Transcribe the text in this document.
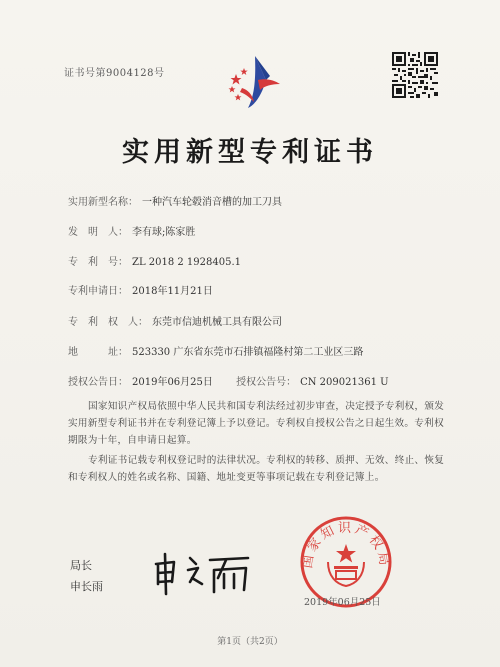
证书号第9004128号
实用新型专利证书
实用新型名称： 一种汽车轮毂消音槽的加工刀具
发　明　人： 李有球;陈家胜
专　利　号： ZL 2018 2 1928405.1
专利申请日： 2018年11月21日
专　利　权　人： 东莞市信迪机械工具有限公司
地　　　址： 523330 广东省东莞市石排镇福隆村第二工业区三路
授权公告日： 2019年06月25日 授权公告号： CN 209021361 U
国家知识产权局依照中华人民共和国专利法经过初步审查，决定授予专利权，颁发实用新型专利证书并在专利登记簿上予以登记。专利权自授权公告之日起生效。专利权期限为十年，自申请日起算。
专利证书记载专利权登记时的法律状况。专利权的转移、质押、无效、终止、恢复和专利权人的姓名或名称、国籍、地址变更等事项记载在专利登记簿上。
局长
申长雨
国家知识产权局
2019年06月25日
第1页（共2页）
